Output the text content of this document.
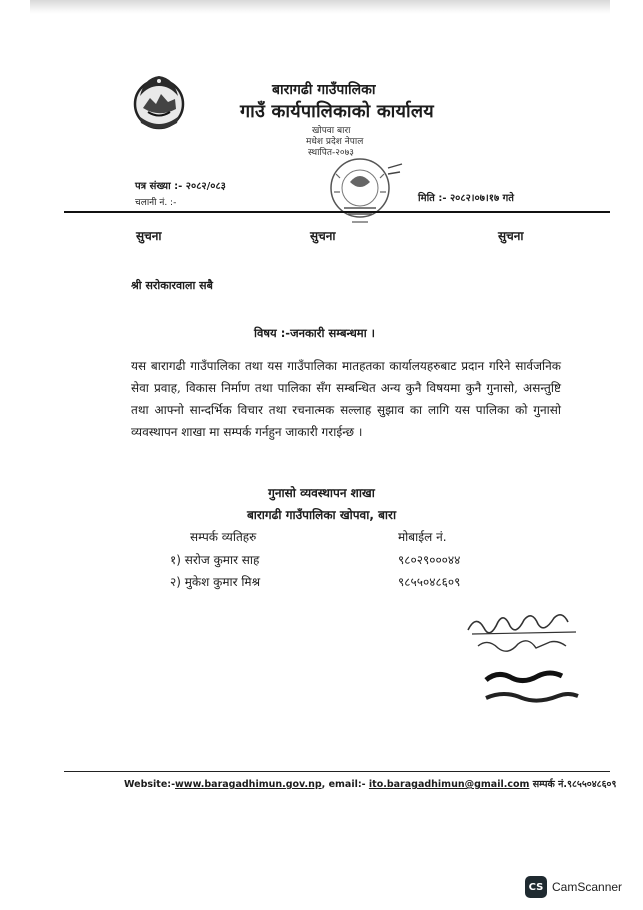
बारागढी गाउँपालिका
गाउँ कार्यपालिकाको कार्यालय
खोपवा बारा
मधेश प्रदेश नेपाल
स्थापित-२०७३
पत्र संख्या :- २०८२/०८३
चलानी नं. :-	मिति :- २०८२।०७।१७ गते
सुचना	सुचना	सुचना
श्री सरोकारवाला सबै
विषय :-जनकारी सम्बन्धमा ।
यस बारागढी गाउँपालिका तथा यस गाउँपालिका मातहतका कार्यालयहरुबाट प्रदान गरिने सार्वजनिक सेवा प्रवाह, विकास निर्माण तथा पालिका सँग सम्बन्धित अन्य कुनै विषयमा कुनै गुनासो, असन्तुष्टि तथा आफ्नो सान्दर्भिक विचार तथा रचनात्मक सल्लाह सुझाव का लागि यस पालिका को गुनासो व्यवस्थापन शाखा मा सम्पर्क गर्नहुन जाकारी गराईन्छ ।
गुनासो व्यवस्थापन शाखा
बारागढी गाउँपालिका खोपवा, बारा
सम्पर्क व्यतिहरु	मोबाईल नं.
१) सरोज कुमार साह	९८०२९०००४४
२) मुकेश कुमार मिश्र	९८५५०४८६०९
Website:-www.baragadhimun.gov.np, email:- ito.baragadhimun@gmail.com सम्पर्क नं.९८५५०४८६०९
CS CamScanner
